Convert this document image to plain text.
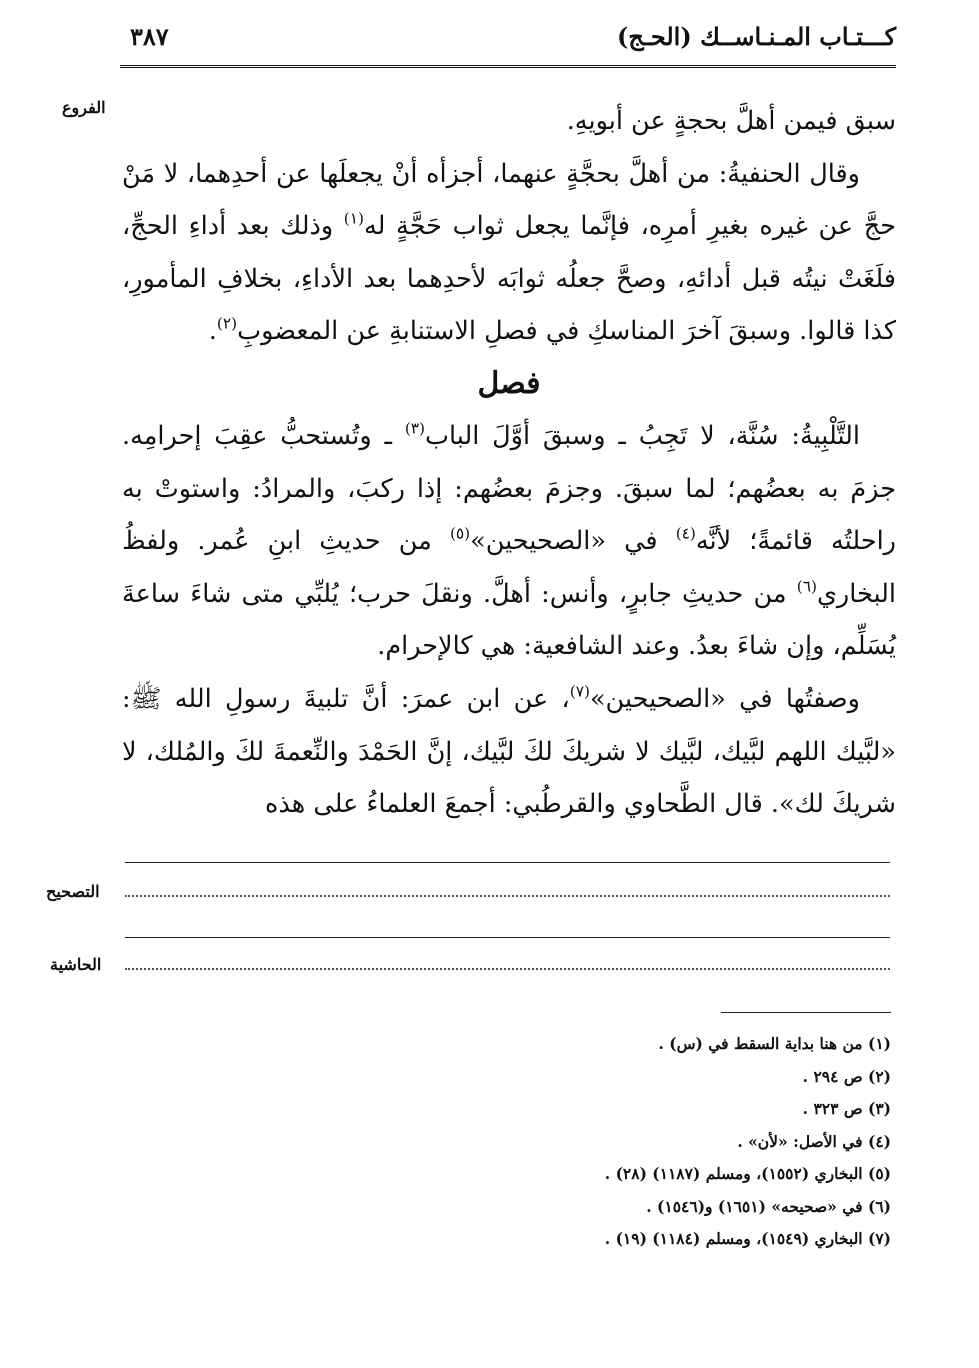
كـــتـاب المـنـاســك (الحـج)
٣٨٧
الفروع	سبق فيمن أهلَّ بحجةٍ عن أبويهِ.

وقال الحنفيةُ: من أهلَّ بحجَّةٍ عنهما، أجزأه أنْ يجعلَها عن أحدِهما، لا مَنْ حجَّ عن غيره بغيرِ أمرِه، فإنَّما يجعل ثواب حَجَّةٍ له$^{(١)}$ وذلك بعد أداءِ الحجِّ، فلَغَتْ نيتُه قبل أدائهِ، وصحَّ جعلُه ثوابَه لأحدِهما بعد الأداءِ، بخلافِ المأمورِ، كذا قالوا. وسبقَ آخرَ المناسكِ في فصلِ الاستنابةِ عن المعضوبِ$^{(٢)}$.

فصل

التَّلْبِيةُ: سُنَّة، لا تَجِبُ ـ وسبقَ أوَّلَ الباب$^{(٣)}$ ـ وتُستحبُّ عقِبَ إحرامِه. جزمَ به بعضُهم؛ لما سبقَ. وجزمَ بعضُهم: إذا ركبَ، والمرادُ: واستوتْ به راحلتُه قائمةً؛ لأنَّه$^{(٤)}$ في «الصحيحين»$^{(٥)}$ من حديثِ ابنِ عُمر. ولفظُ البخاري$^{(٦)}$ من حديثِ جابرٍ، وأنس: أهلَّ. ونقلَ حرب؛ يُلبِّي متى شاءَ ساعةَ يُسَلِّم، وإن شاءَ بعدُ. وعند الشافعية: هي كالإحرام.

وصفتُها في «الصحيحين»$^{(٧)}$، عن ابن عمرَ: أنَّ تلبيةَ رسولِ الله ﷺ: «لبَّيك اللهم لبَّيك، لبَّيك لا شريكَ لكَ لبَّيك، إنَّ الحَمْدَ والنِّعمةَ لكَ والمُلك، لا شريكَ لك». قال الطَّحاوي والقرطُبي: أجمعَ العلماءُ على هذه

التصحيح
الحاشية
(١) من هنا بداية السقط في (س) .
(٢) ص ٢٩٤ .
(٣) ص ٣٢٣ .
(٤) في الأصل: «لأن» .
(٥) البخاري (١٥٥٢)، ومسلم (١١٨٧) (٢٨) .
(٦) في «صحيحه» (١٦٥١) و(١٥٤٦) .
(٧) البخاري (١٥٤٩)، ومسلم (١١٨٤) (١٩) .
